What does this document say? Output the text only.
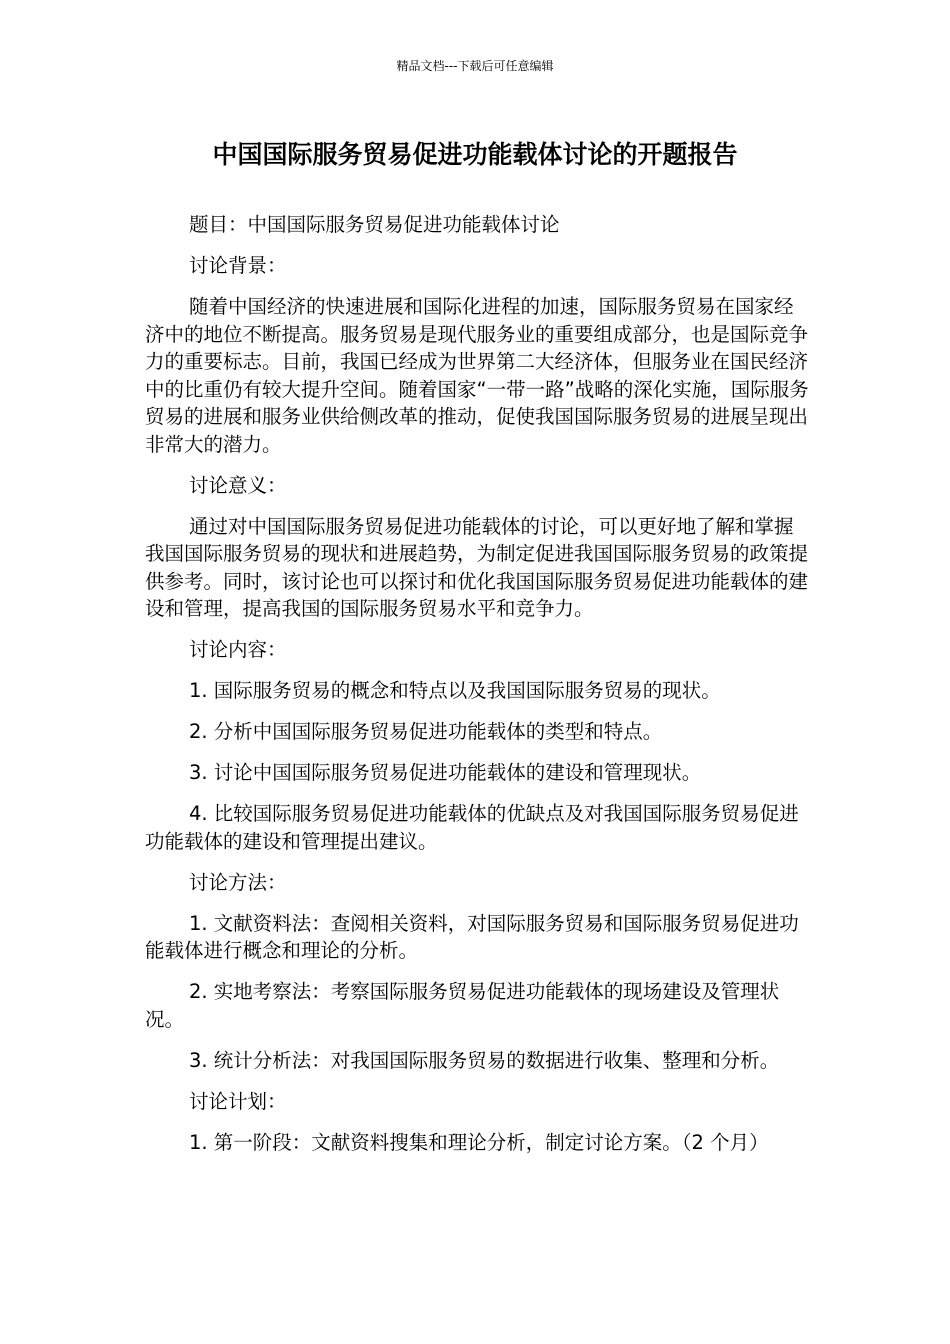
精品文档---下载后可任意编辑
中国国际服务贸易促进功能载体讨论的开题报告

题目：中国国际服务贸易促进功能载体讨论

讨论背景：

随着中国经济的快速进展和国际化进程的加速，国际服务贸易在国家经济中的地位不断提高。服务贸易是现代服务业的重要组成部分，也是国际竞争力的重要标志。目前，我国已经成为世界第二大经济体，但服务业在国民经济中的比重仍有较大提升空间。随着国家“一带一路”战略的深化实施，国际服务贸易的进展和服务业供给侧改革的推动，促使我国国际服务贸易的进展呈现出非常大的潜力。

讨论意义：

通过对中国国际服务贸易促进功能载体的讨论，可以更好地了解和掌握我国国际服务贸易的现状和进展趋势，为制定促进我国国际服务贸易的政策提供参考。同时，该讨论也可以探讨和优化我国国际服务贸易促进功能载体的建设和管理，提高我国的国际服务贸易水平和竞争力。

讨论内容：

1. 国际服务贸易的概念和特点以及我国国际服务贸易的现状。

2. 分析中国国际服务贸易促进功能载体的类型和特点。

3. 讨论中国国际服务贸易促进功能载体的建设和管理现状。

4. 比较国际服务贸易促进功能载体的优缺点及对我国国际服务贸易促进功能载体的建设和管理提出建议。

讨论方法：

1. 文献资料法：查阅相关资料，对国际服务贸易和国际服务贸易促进功能载体进行概念和理论的分析。

2. 实地考察法：考察国际服务贸易促进功能载体的现场建设及管理状况。

3. 统计分析法：对我国国际服务贸易的数据进行收集、整理和分析。

讨论计划：

1. 第一阶段：文献资料搜集和理论分析，制定讨论方案。（2 个月）
